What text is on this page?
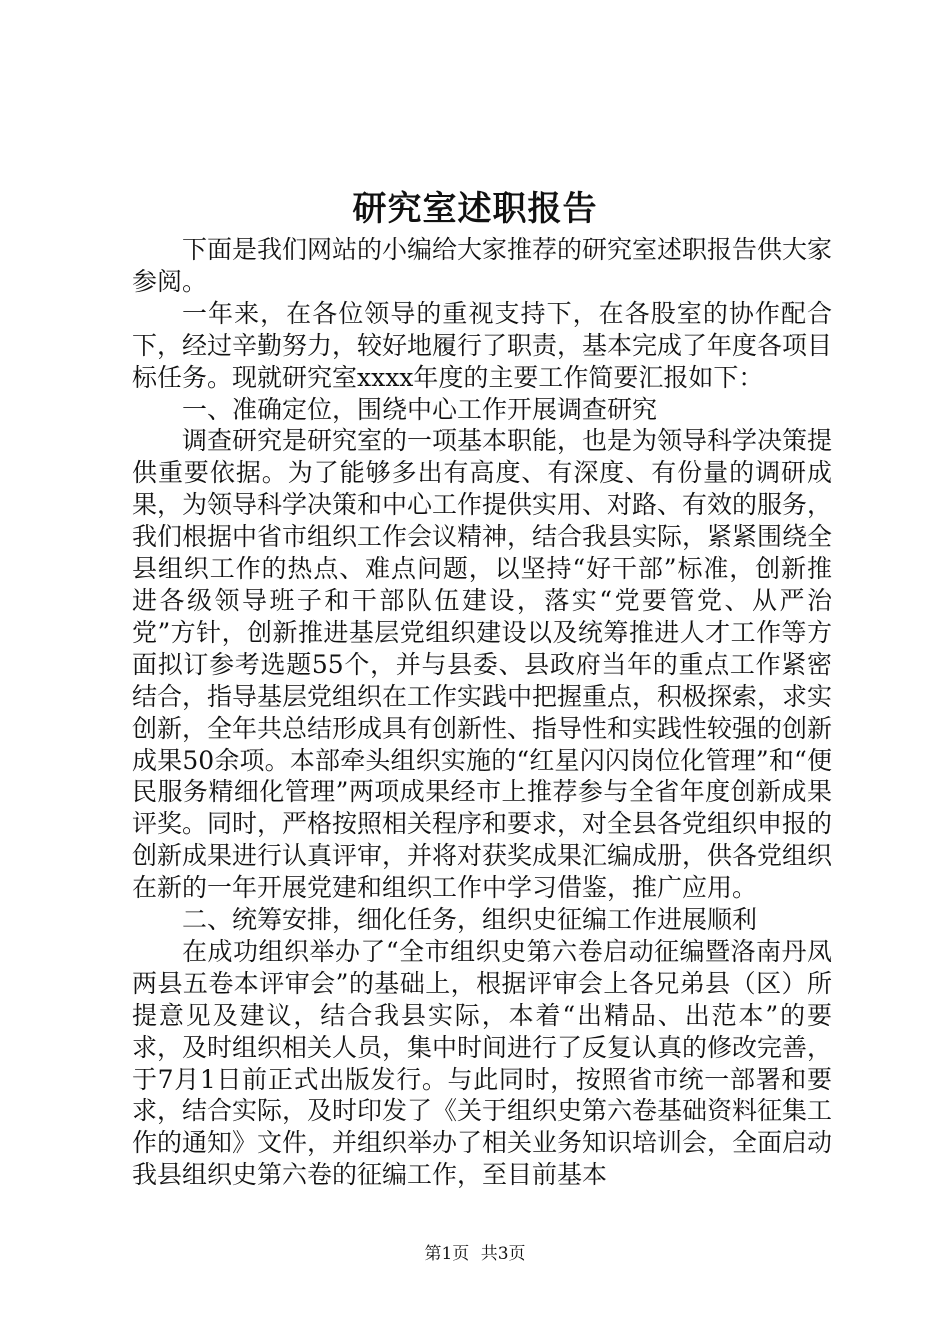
研究室述职报告

下面是我们网站的小编给大家推荐的研究室述职报告供大家参阅。

一年来，在各位领导的重视支持下，在各股室的协作配合下，经过辛勤努力，较好地履行了职责，基本完成了年度各项目标任务。现就研究室xxxx年度的主要工作简要汇报如下：

一、准确定位，围绕中心工作开展调查研究

调查研究是研究室的一项基本职能，也是为领导科学决策提供重要依据。为了能够多出有高度、有深度、有份量的调研成果，为领导科学决策和中心工作提供实用、对路、有效的服务，我们根据中省市组织工作会议精神，结合我县实际，紧紧围绕全县组织工作的热点、难点问题，以坚持“好干部”标准，创新推进各级领导班子和干部队伍建设，落实“党要管党、从严治党”方针，创新推进基层党组织建设以及统筹推进人才工作等方面拟订参考选题55个，并与县委、县政府当年的重点工作紧密结合，指导基层党组织在工作实践中把握重点，积极探索，求实创新，全年共总结形成具有创新性、指导性和实践性较强的创新成果50余项。本部牵头组织实施的“红星闪闪岗位化管理”和“便民服务精细化管理”两项成果经市上推荐参与全省年度创新成果评奖。同时，严格按照相关程序和要求，对全县各党组织申报的创新成果进行认真评审，并将对获奖成果汇编成册，供各党组织在新的一年开展党建和组织工作中学习借鉴，推广应用。

二、统筹安排，细化任务，组织史征编工作进展顺利

在成功组织举办了“全市组织史第六卷启动征编暨洛南丹凤两县五卷本评审会”的基础上，根据评审会上各兄弟县（区）所提意见及建议，结合我县实际，本着“出精品、出范本”的要求，及时组织相关人员，集中时间进行了反复认真的修改完善，于7月1日前正式出版发行。与此同时，按照省市统一部署和要求，结合实际，及时印发了《关于组织史第六卷基础资料征集工作的通知》文件，并组织举办了相关业务知识培训会，全面启动我县组织史第六卷的征编工作，至目前基本

第1页 共3页
